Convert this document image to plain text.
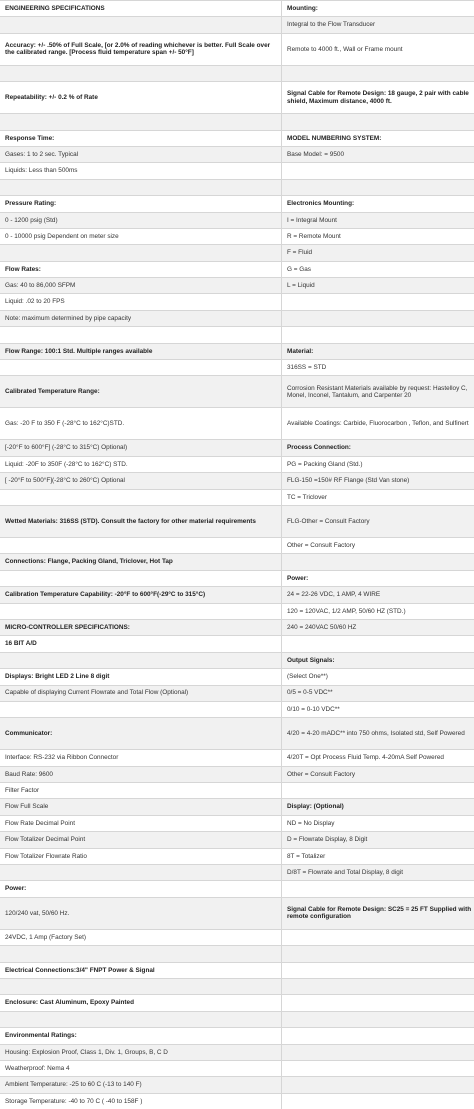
ENGINEERING SPECIFICATIONS	Mounting:
	Integral to the Flow Transducer
Accuracy: +/- .50% of Full Scale, [or 2.0% of reading whichever is better. Full Scale over the calibrated range. [Process fluid temperature span +/- 50°F]	Remote to 4000 ft., Wall or Frame mount

Repeatability: +/- 0.2 % of Rate	Signal Cable for Remote Design: 18 gauge, 2 pair with cable shield, Maximum distance, 4000 ft.

Response Time:	MODEL NUMBERING SYSTEM:
Gases: 1 to 2 sec. Typical	Base Model: = 9500
Liquids: Less than 500ms	

Pressure Rating:	Electronics Mounting:
0 - 1200 psig (Std)	I = Integral Mount
0 - 10000 psig Dependent on meter size	R = Remote Mount
	F = Fluid
Flow Rates:	G = Gas
Gas: 40 to 86,000 SFPM	L = Liquid
Liquid: .02 to 20 FPS	
Note: maximum determined by pipe capacity	

Flow Range: 100:1 Std. Multiple ranges available	Material:
	316SS = STD
Calibrated Temperature Range:	Corrosion Resistant Materials available by request: Hastelloy C, Monel, Inconel, Tantalum, and Carpenter 20
Gas: -20 F to 350 F (-28°C to 162°C)STD.	Available Coatings: Carbide, Fluorocarbon , Teflon, and Sulfinert
[-20°F to 600°F] (-28°C to 315°C) Optional)	Process Connection:
Liquid: -20F to 350F (-28°C to 162°C) STD.	PG = Packing Gland (Std.)
[ -20°F to 500°F](-28°C to 260°C) Optional	FLG-150 =150# RF Flange (Std Van stone)
	TC = Triclover
Wetted Materials: 316SS (STD). Consult the factory for other material requirements	FLG-Other = Consult Factory
	Other = Consult Factory
Connections: Flange, Packing Gland, Triclover, Hot Tap	
	Power:
Calibration Temperature Capability: -20°F to 600°F(-29°C to 315°C)	24 = 22-26 VDC, 1 AMP, 4 WIRE
	120 = 120VAC, 1/2 AMP, 50/60 HZ (STD.)
MICRO-CONTROLLER SPECIFICATIONS:	240 = 240VAC 50/60 HZ
16 BIT A/D	
	Output Signals:
Displays: Bright LED 2 Line 8 digit	(Select One**)
Capable of displaying Current Flowrate and Total Flow (Optional)	0/5 = 0-5 VDC**
	0/10 = 0-10 VDC**
Communicator:	4/20 = 4-20 mADC** into 750 ohms, Isolated std, Self Powered
Interface: RS-232 via Ribbon Connector	4/20T = Opt Process Fluid Temp. 4-20mA Self Powered
Baud Rate: 9600	Other = Consult Factory
Filter Factor	
Flow Full Scale	Display: (Optional)
Flow Rate Decimal Point	ND = No Display
Flow Totalizer Decimal Point	D = Flowrate Display, 8 Digit
Flow Totalizer Flowrate Ratio	8T = Totalizer
	D/8T = Flowrate and Total Display, 8 digit
Power:	
120/240 vat, 50/60 Hz.	Signal Cable for Remote Design: SC25 = 25 FT Supplied with remote configuration
24VDC, 1 Amp (Factory Set)	

Electrical Connections:3/4" FNPT Power & Signal	

Enclosure: Cast Aluminum, Epoxy Painted	

Environmental Ratings:	
Housing: Explosion Proof, Class 1, Div. 1, Groups, B, C D	
Weatherproof: Nema 4	
Ambient Temperature: -25 to 60 C (-13 to 140 F)	
Storage Temperature: -40 to 70 C ( -40 to 158F )	
